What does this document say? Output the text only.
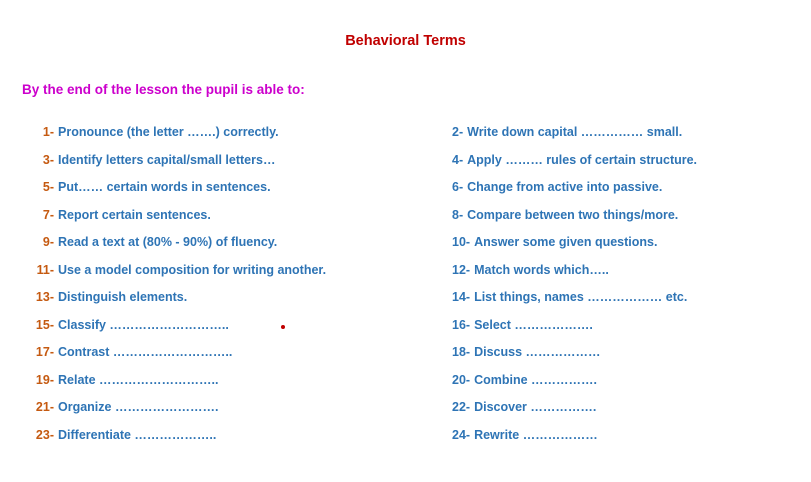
Behavioral Terms
By the end of the lesson the pupil is able to:
1- Pronounce (the letter …….) correctly.
3- Identify letters capital/small letters…
5- Put…… certain words in sentences.
7- Report certain sentences.
9- Read a text at (80% - 90%) of fluency.
11- Use a model composition for writing another.
13- Distinguish elements.
15- Classify ………………………..
17- Contrast ………………………..
19- Relate ………………………..
21- Organize …………………….
23- Differentiate ………………..
2- Write down capital …………… small.
4- Apply ……… rules of certain structure.
6- Change from active into passive.
8- Compare between two things/more.
10- Answer some given questions.
12- Match words which…..
14- List things, names ……………… etc.
16- Select ……………….
18- Discuss ………………
20- Combine …………….
22- Discover …………….
24- Rewrite ………………
